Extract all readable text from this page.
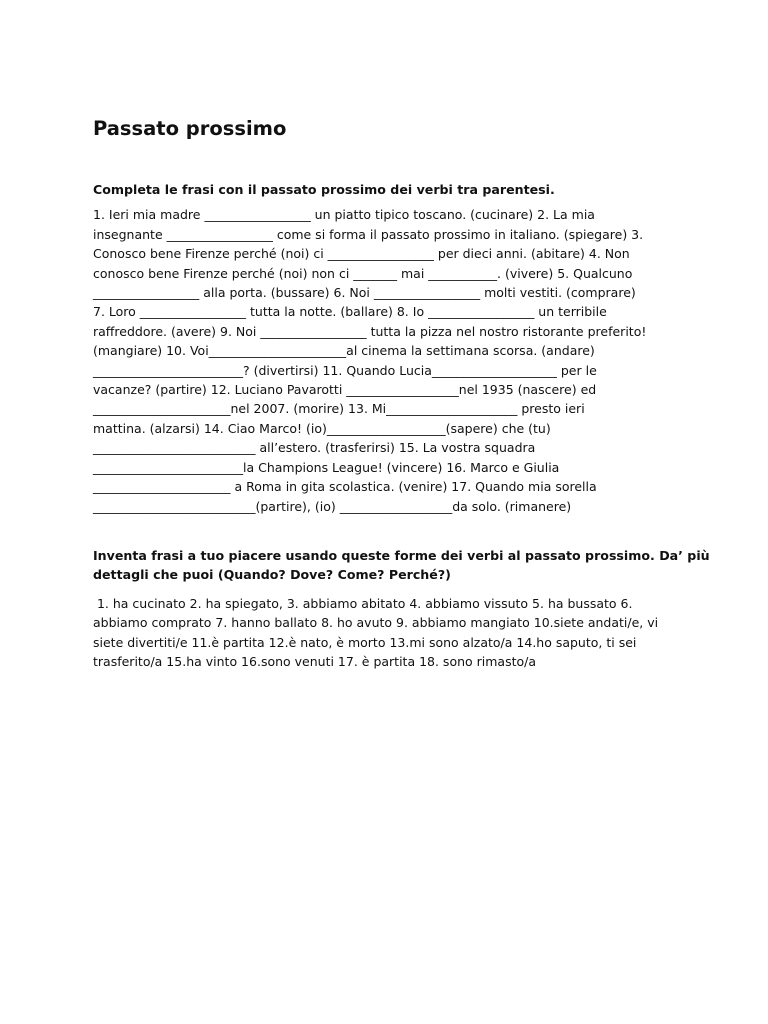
Passato prossimo
Completa le frasi con il passato prossimo dei verbi tra parentesi.
1. Ieri mia madre _________________ un piatto tipico toscano. (cucinare) 2. La mia insegnante _________________ come si forma il passato prossimo in italiano. (spiegare) 3. Conosco bene Firenze perché (noi) ci _________________ per dieci anni. (abitare) 4. Non conosco bene Firenze perché (noi) non ci _______ mai ___________. (vivere) 5. Qualcuno _________________ alla porta. (bussare) 6. Noi _________________ molti vestiti. (comprare) 7. Loro _________________ tutta la notte. (ballare) 8. Io _________________ un terribile raffreddore. (avere) 9. Noi _________________ tutta la pizza nel nostro ristorante preferito! (mangiare) 10. Voi______________________al cinema la settimana scorsa. (andare) ________________________? (divertirsi) 11. Quando Lucia____________________ per le vacanze? (partire) 12. Luciano Pavarotti __________________nel 1935 (nascere) ed ______________________nel 2007. (morire) 13. Mi_____________________ presto ieri mattina. (alzarsi) 14. Ciao Marco! (io)___________________(sapere) che (tu) __________________________ all’estero. (trasferirsi) 15. La vostra squadra ________________________la Champions League! (vincere) 16. Marco e Giulia ______________________ a Roma in gita scolastica. (venire) 17. Quando mia sorella __________________________(partire), (io) __________________da solo. (rimanere)
Inventa frasi a tuo piacere usando queste forme dei verbi al passato prossimo. Da’ più dettagli che puoi (Quando? Dove? Come? Perché?)
1. ha cucinato 2. ha spiegato, 3. abbiamo abitato 4. abbiamo vissuto 5. ha bussato 6. abbiamo comprato 7. hanno ballato 8. ho avuto 9. abbiamo mangiato 10.siete andati/e, vi siete divertiti/e 11.è partita 12.è nato, è morto 13.mi sono alzato/a 14.ho saputo, ti sei trasferito/a 15.ha vinto 16.sono venuti 17. è partita 18. sono rimasto/a
